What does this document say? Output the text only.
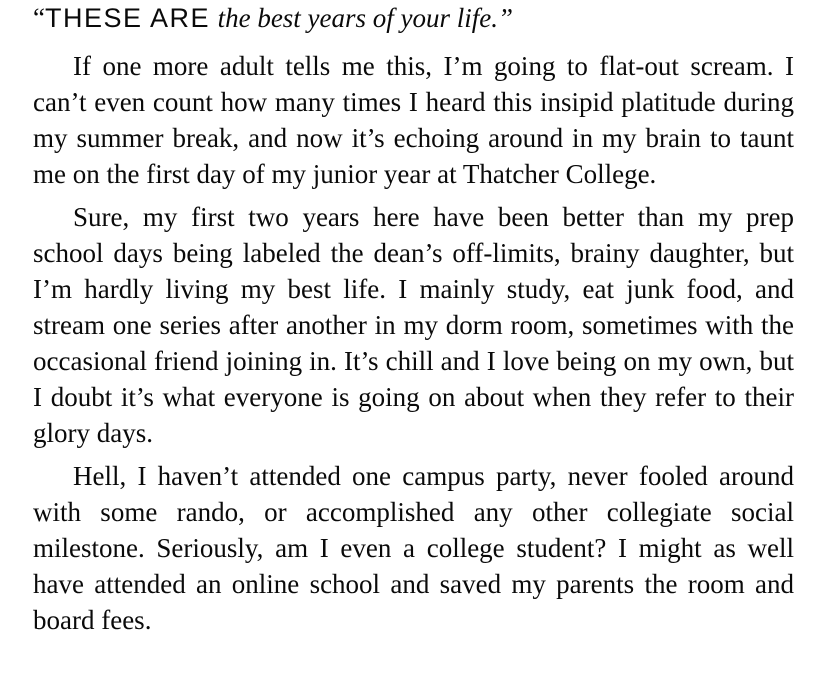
“THESE ARE the best years of your life.”

If one more adult tells me this, I’m going to flat-out scream. I can’t even count how many times I heard this insipid platitude during my summer break, and now it’s echoing around in my brain to taunt me on the first day of my junior year at Thatcher College.

Sure, my first two years here have been better than my prep school days being labeled the dean’s off-limits, brainy daughter, but I’m hardly living my best life. I mainly study, eat junk food, and stream one series after another in my dorm room, sometimes with the occasional friend joining in. It’s chill and I love being on my own, but I doubt it’s what everyone is going on about when they refer to their glory days.

Hell, I haven’t attended one campus party, never fooled around with some rando, or accomplished any other collegiate social milestone. Seriously, am I even a college student? I might as well have attended an online school and saved my parents the room and board fees.
